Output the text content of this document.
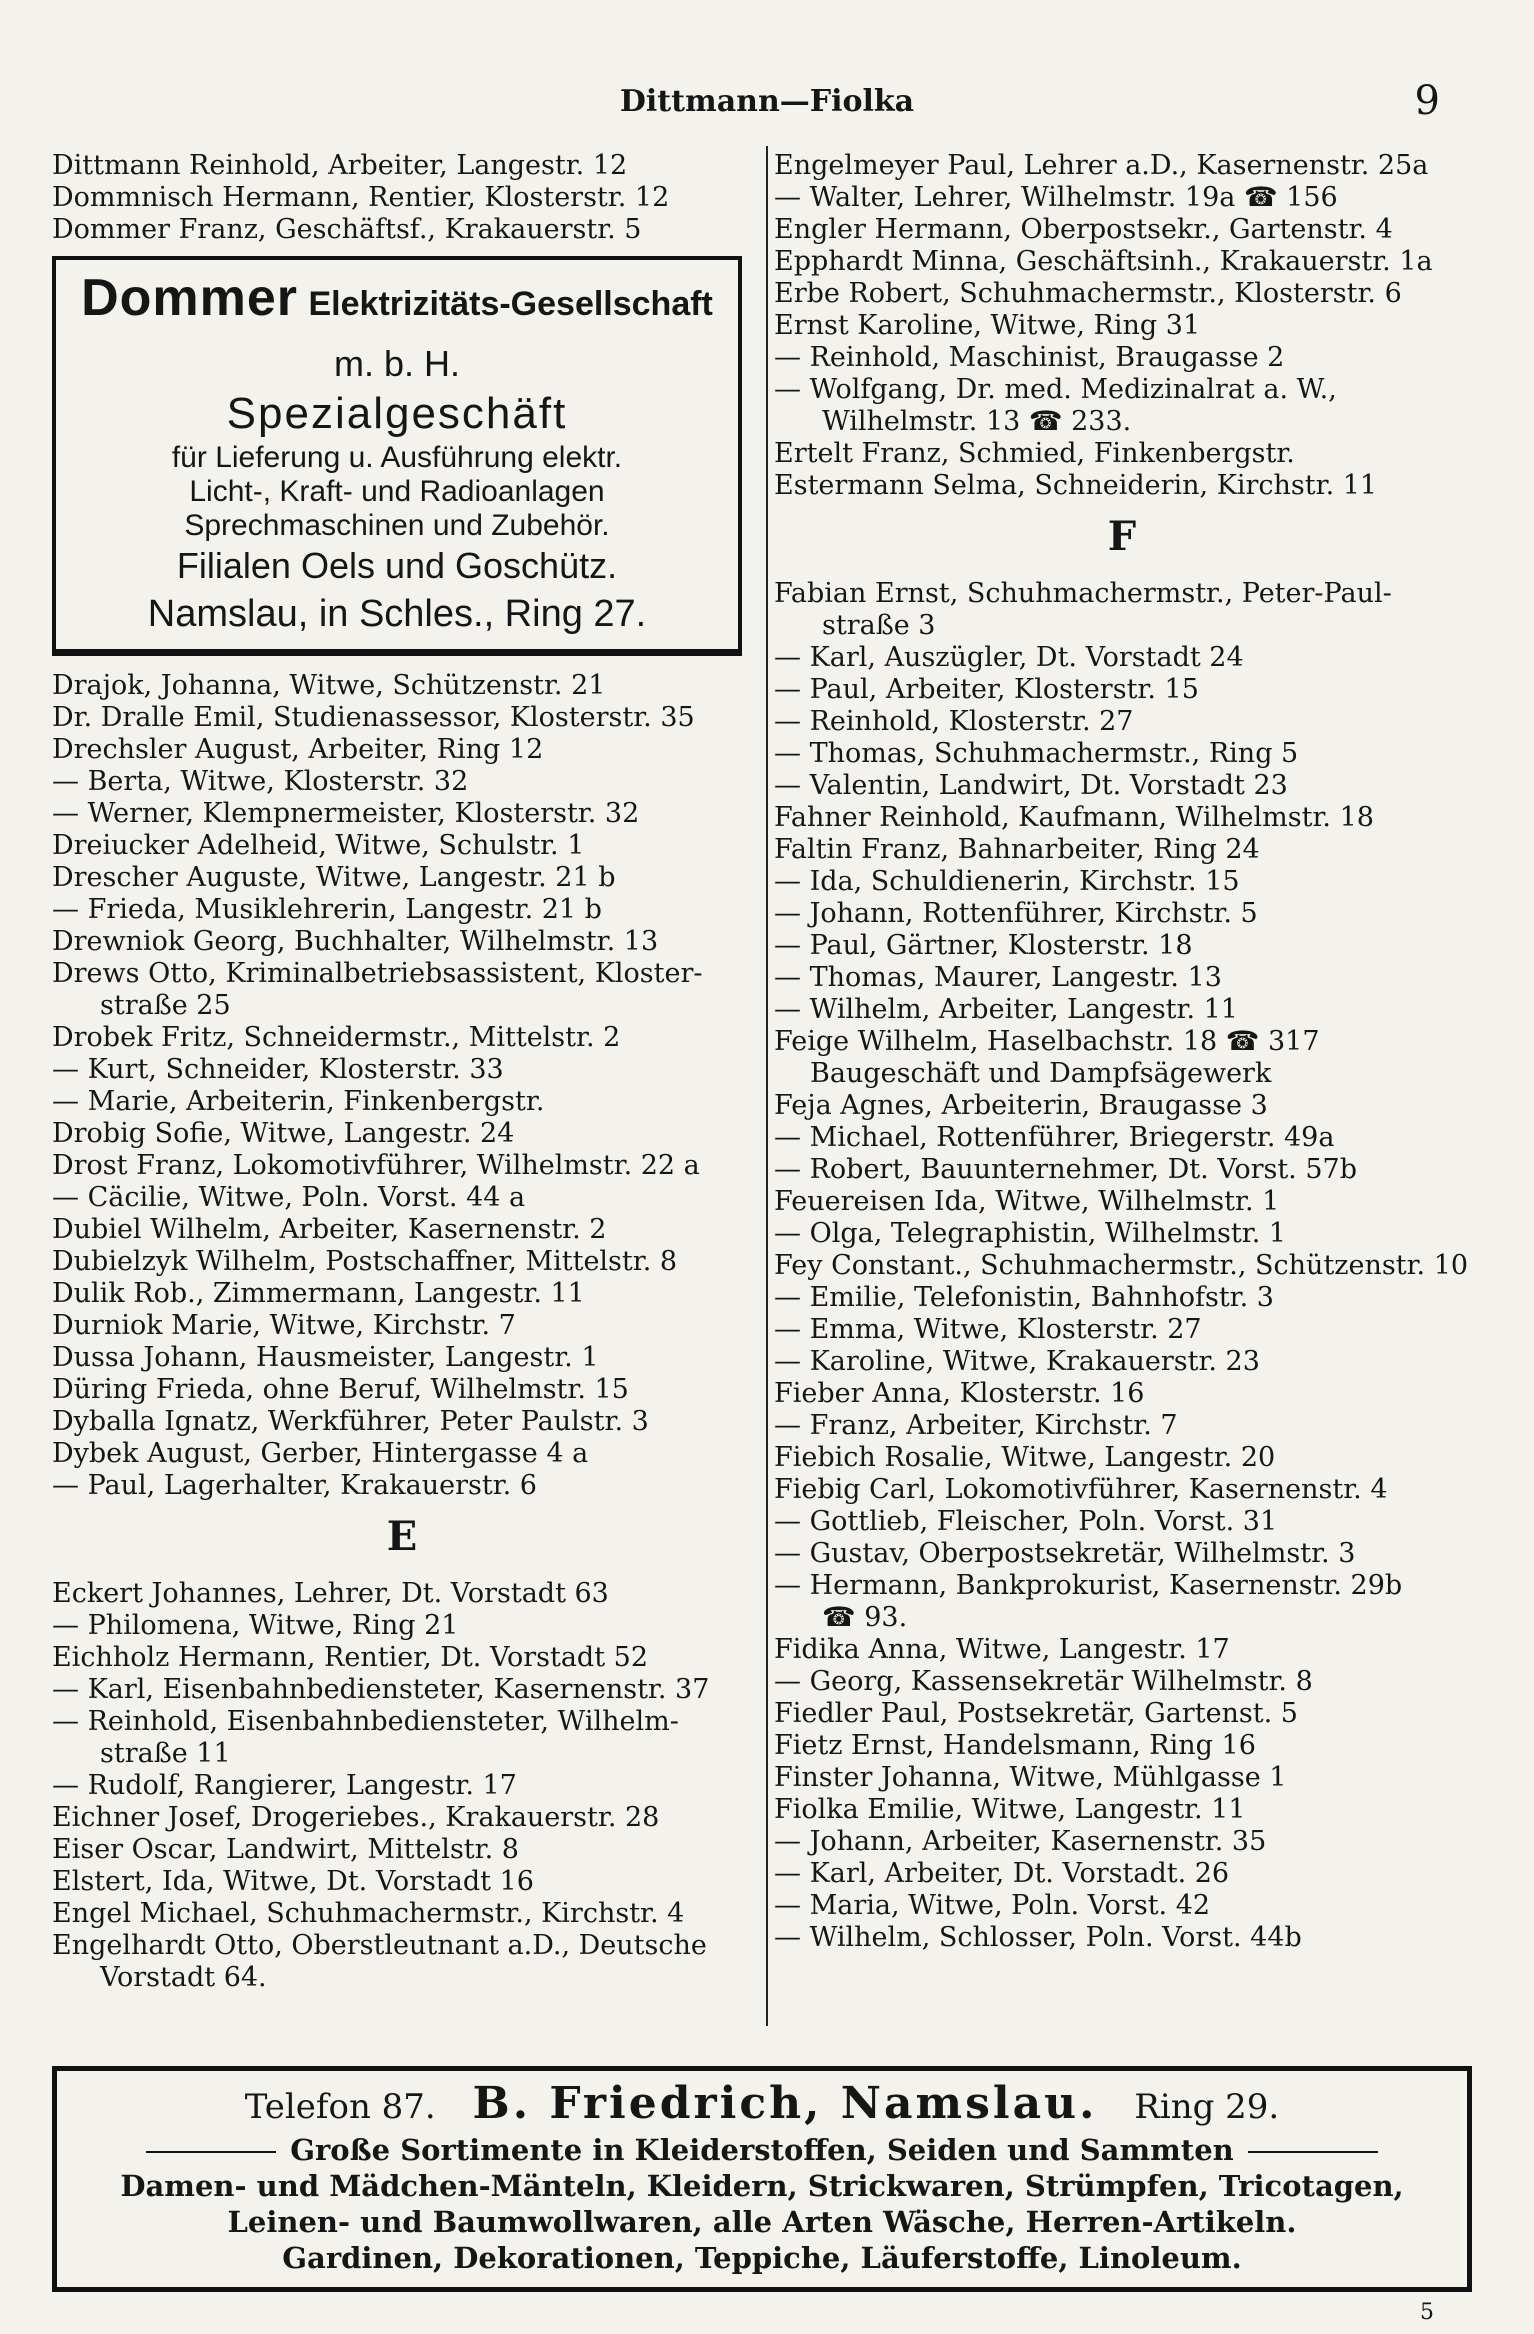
Dittmann—Fiolka	9
Dittmann Reinhold, Arbeiter, Langestr. 12
Dommnisch Hermann, Rentier, Klosterstr. 12
Dommer Franz, Geschäftsf., Krakauerstr. 5
Dommer Elektrizitäts-Gesellschaft
m. b. H.
Spezialgeschäft
für Lieferung u. Ausführung elektr.
Licht-, Kraft- und Radioanlagen
Sprechmaschinen und Zubehör.
Filialen Oels und Goschütz.
Namslau, in Schles., Ring 27.
Drajok, Johanna, Witwe, Schützenstr. 21
Dr. Dralle Emil, Studienassessor, Klosterstr. 35
Drechsler August, Arbeiter, Ring 12
— Berta, Witwe, Klosterstr. 32
— Werner, Klempnermeister, Klosterstr. 32
Dreiucker Adelheid, Witwe, Schulstr. 1
Drescher Auguste, Witwe, Langestr. 21 b
— Frieda, Musiklehrerin, Langestr. 21 b
Drewniok Georg, Buchhalter, Wilhelmstr. 13
Drews Otto, Kriminalbetriebsassistent, Kloster-
straße 25
Drobek Fritz, Schneidermstr., Mittelstr. 2
— Kurt, Schneider, Klosterstr. 33
— Marie, Arbeiterin, Finkenbergstr.
Drobig Sofie, Witwe, Langestr. 24
Drost Franz, Lokomotivführer, Wilhelmstr. 22 a
— Cäcilie, Witwe, Poln. Vorst. 44 a
Dubiel Wilhelm, Arbeiter, Kasernenstr. 2
Dubielzyk Wilhelm, Postschaffner, Mittelstr. 8
Dulik Rob., Zimmermann, Langestr. 11
Durniok Marie, Witwe, Kirchstr. 7
Dussa Johann, Hausmeister, Langestr. 1
Düring Frieda, ohne Beruf, Wilhelmstr. 15
Dyballa Ignatz, Werkführer, Peter Paulstr. 3
Dybek August, Gerber, Hintergasse 4 a
— Paul, Lagerhalter, Krakauerstr. 6
E
Eckert Johannes, Lehrer, Dt. Vorstadt 63
— Philomena, Witwe, Ring 21
Eichholz Hermann, Rentier, Dt. Vorstadt 52
— Karl, Eisenbahnbediensteter, Kasernenstr. 37
— Reinhold, Eisenbahnbediensteter, Wilhelm-
straße 11
— Rudolf, Rangierer, Langestr. 17
Eichner Josef, Drogeriebes., Krakauerstr. 28
Eiser Oscar, Landwirt, Mittelstr. 8
Elstert, Ida, Witwe, Dt. Vorstadt 16
Engel Michael, Schuhmachermstr., Kirchstr. 4
Engelhardt Otto, Oberstleutnant a.D., Deutsche
Vorstadt 64.
Engelmeyer Paul, Lehrer a.D., Kasernenstr. 25a
— Walter, Lehrer, Wilhelmstr. 19a ☎ 156
Engler Hermann, Oberpostsekr., Gartenstr. 4
Epphardt Minna, Geschäftsinh., Krakauerstr. 1a
Erbe Robert, Schuhmachermstr., Klosterstr. 6
Ernst Karoline, Witwe, Ring 31
— Reinhold, Maschinist, Braugasse 2
— Wolfgang, Dr. med. Medizinalrat a. W.,
Wilhelmstr. 13 ☎ 233.
Ertelt Franz, Schmied, Finkenbergstr.
Estermann Selma, Schneiderin, Kirchstr. 11
F
Fabian Ernst, Schuhmachermstr., Peter-Paul-
straße 3
— Karl, Auszügler, Dt. Vorstadt 24
— Paul, Arbeiter, Klosterstr. 15
— Reinhold, Klosterstr. 27
— Thomas, Schuhmachermstr., Ring 5
— Valentin, Landwirt, Dt. Vorstadt 23
Fahner Reinhold, Kaufmann, Wilhelmstr. 18
Faltin Franz, Bahnarbeiter, Ring 24
— Ida, Schuldienerin, Kirchstr. 15
— Johann, Rottenführer, Kirchstr. 5
— Paul, Gärtner, Klosterstr. 18
— Thomas, Maurer, Langestr. 13
— Wilhelm, Arbeiter, Langestr. 11
Feige Wilhelm, Haselbachstr. 18 ☎ 317
Baugeschäft und Dampfsägewerk
Feja Agnes, Arbeiterin, Braugasse 3
— Michael, Rottenführer, Briegerstr. 49a
— Robert, Bauunternehmer, Dt. Vorst. 57b
Feuereisen Ida, Witwe, Wilhelmstr. 1
— Olga, Telegraphistin, Wilhelmstr. 1
Fey Constant., Schuhmachermstr., Schützenstr. 10
— Emilie, Telefonistin, Bahnhofstr. 3
— Emma, Witwe, Klosterstr. 27
— Karoline, Witwe, Krakauerstr. 23
Fieber Anna, Klosterstr. 16
— Franz, Arbeiter, Kirchstr. 7
Fiebich Rosalie, Witwe, Langestr. 20
Fiebig Carl, Lokomotivführer, Kasernenstr. 4
— Gottlieb, Fleischer, Poln. Vorst. 31
— Gustav, Oberpostsekretär, Wilhelmstr. 3
— Hermann, Bankprokurist, Kasernenstr. 29b
☎ 93.
Fidika Anna, Witwe, Langestr. 17
— Georg, Kassensekretär Wilhelmstr. 8
Fiedler Paul, Postsekretär, Gartenst. 5
Fietz Ernst, Handelsmann, Ring 16
Finster Johanna, Witwe, Mühlgasse 1
Fiolka Emilie, Witwe, Langestr. 11
— Johann, Arbeiter, Kasernenstr. 35
— Karl, Arbeiter, Dt. Vorstadt. 26
— Maria, Witwe, Poln. Vorst. 42
— Wilhelm, Schlosser, Poln. Vorst. 44b
Telefon 87. B. Friedrich, Namslau. Ring 29.
Große Sortimente in Kleiderstoffen, Seiden und Sammten
Damen- und Mädchen-Mänteln, Kleidern, Strickwaren, Strümpfen, Tricotagen,
Leinen- und Baumwollwaren, alle Arten Wäsche, Herren-Artikeln.
Gardinen, Dekorationen, Teppiche, Läuferstoffe, Linoleum.
5
